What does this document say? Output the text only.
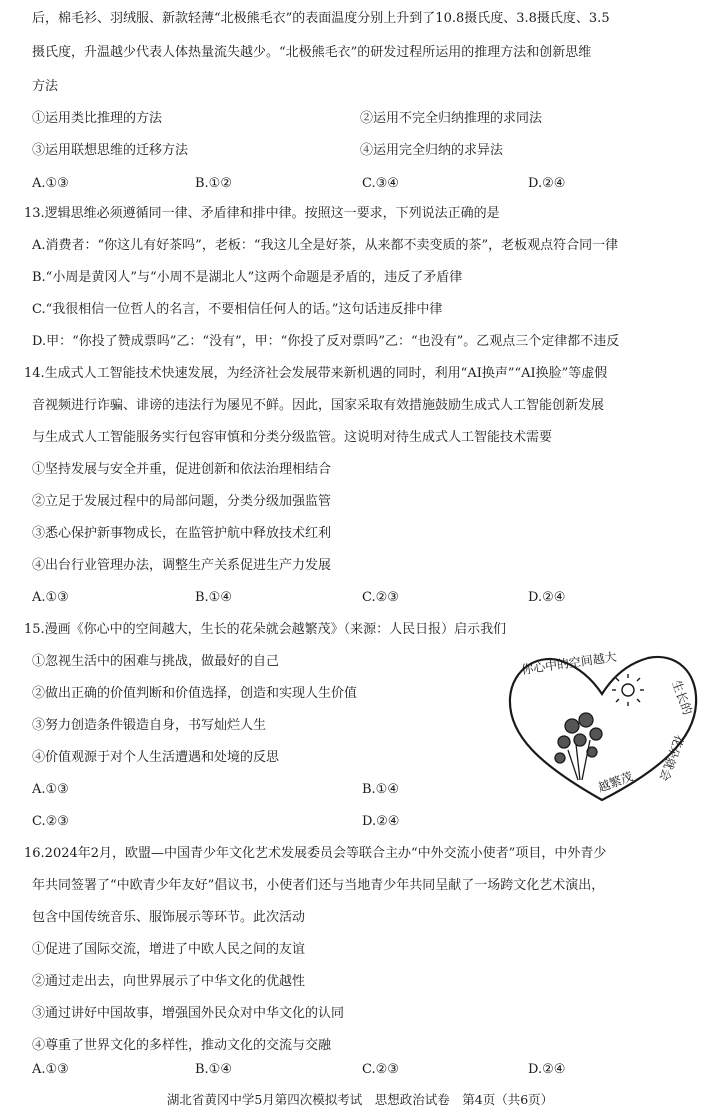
后，棉毛衫、羽绒服、新款轻薄“北极熊毛衣”的表面温度分别上升到了10.8摄氏度、3.8摄氏度、3.5
摄氏度，升温越少代表人体热量流失越少。“北极熊毛衣”的研发过程所运用的推理方法和创新思维
方法
①运用类比推理的方法	②运用不完全归纳推理的求同法
③运用联想思维的迁移方法	④运用完全归纳的求异法
A.①③	B.①②	C.③④	D.②④
13.逻辑思维必须遵循同一律、矛盾律和排中律。按照这一要求，下列说法正确的是
A.消费者：“你这儿有好茶吗”，老板：“我这儿全是好茶，从来都不卖变质的茶”，老板观点符合同一律
B.“小周是黄冈人”与“小周不是湖北人”这两个命题是矛盾的，违反了矛盾律
C.“我很相信一位哲人的名言，不要相信任何人的话。”这句话违反排中律
D.甲：“你投了赞成票吗”乙：“没有”，甲：“你投了反对票吗”乙：“也没有”。乙观点三个定律都不违反
14.生成式人工智能技术快速发展，为经济社会发展带来新机遇的同时，利用“AI换声”“AI换脸”等虚假
音视频进行诈骗、诽谤的违法行为屡见不鲜。因此，国家采取有效措施鼓励生成式人工智能创新发展
与生成式人工智能服务实行包容审慎和分类分级监管。这说明对待生成式人工智能技术需要
①坚持发展与安全并重，促进创新和依法治理相结合
②立足于发展过程中的局部问题，分类分级加强监管
③悉心保护新事物成长，在监管护航中释放技术红利
④出台行业管理办法，调整生产关系促进生产力发展
A.①③	B.①④	C.②③	D.②④
15.漫画《你心中的空间越大，生长的花朵就会越繁茂》（来源：人民日报）启示我们
①忽视生活中的困难与挑战，做最好的自己
②做出正确的价值判断和价值选择，创造和实现人生价值
③努力创造条件锻造自身，书写灿烂人生
④价值观源于对个人生活遭遇和处境的反思
A.①③	B.①④
C.②③	D.②④
你心中的空间越大
生长的
花朵就会
越繁茂
16.2024年2月，欧盟—中国青少年文化艺术发展委员会等联合主办“中外交流小使者”项目，中外青少
年共同签署了“中欧青少年友好”倡议书，小使者们还与当地青少年共同呈献了一场跨文化艺术演出，
包含中国传统音乐、服饰展示等环节。此次活动
①促进了国际交流，增进了中欧人民之间的友谊
②通过走出去，向世界展示了中华文化的优越性
③通过讲好中国故事，增强国外民众对中华文化的认同
④尊重了世界文化的多样性，推动文化的交流与交融
A.①③	B.①④	C.②③	D.②④
湖北省黄冈中学5月第四次模拟考试　思想政治试卷　第4页（共6页）
